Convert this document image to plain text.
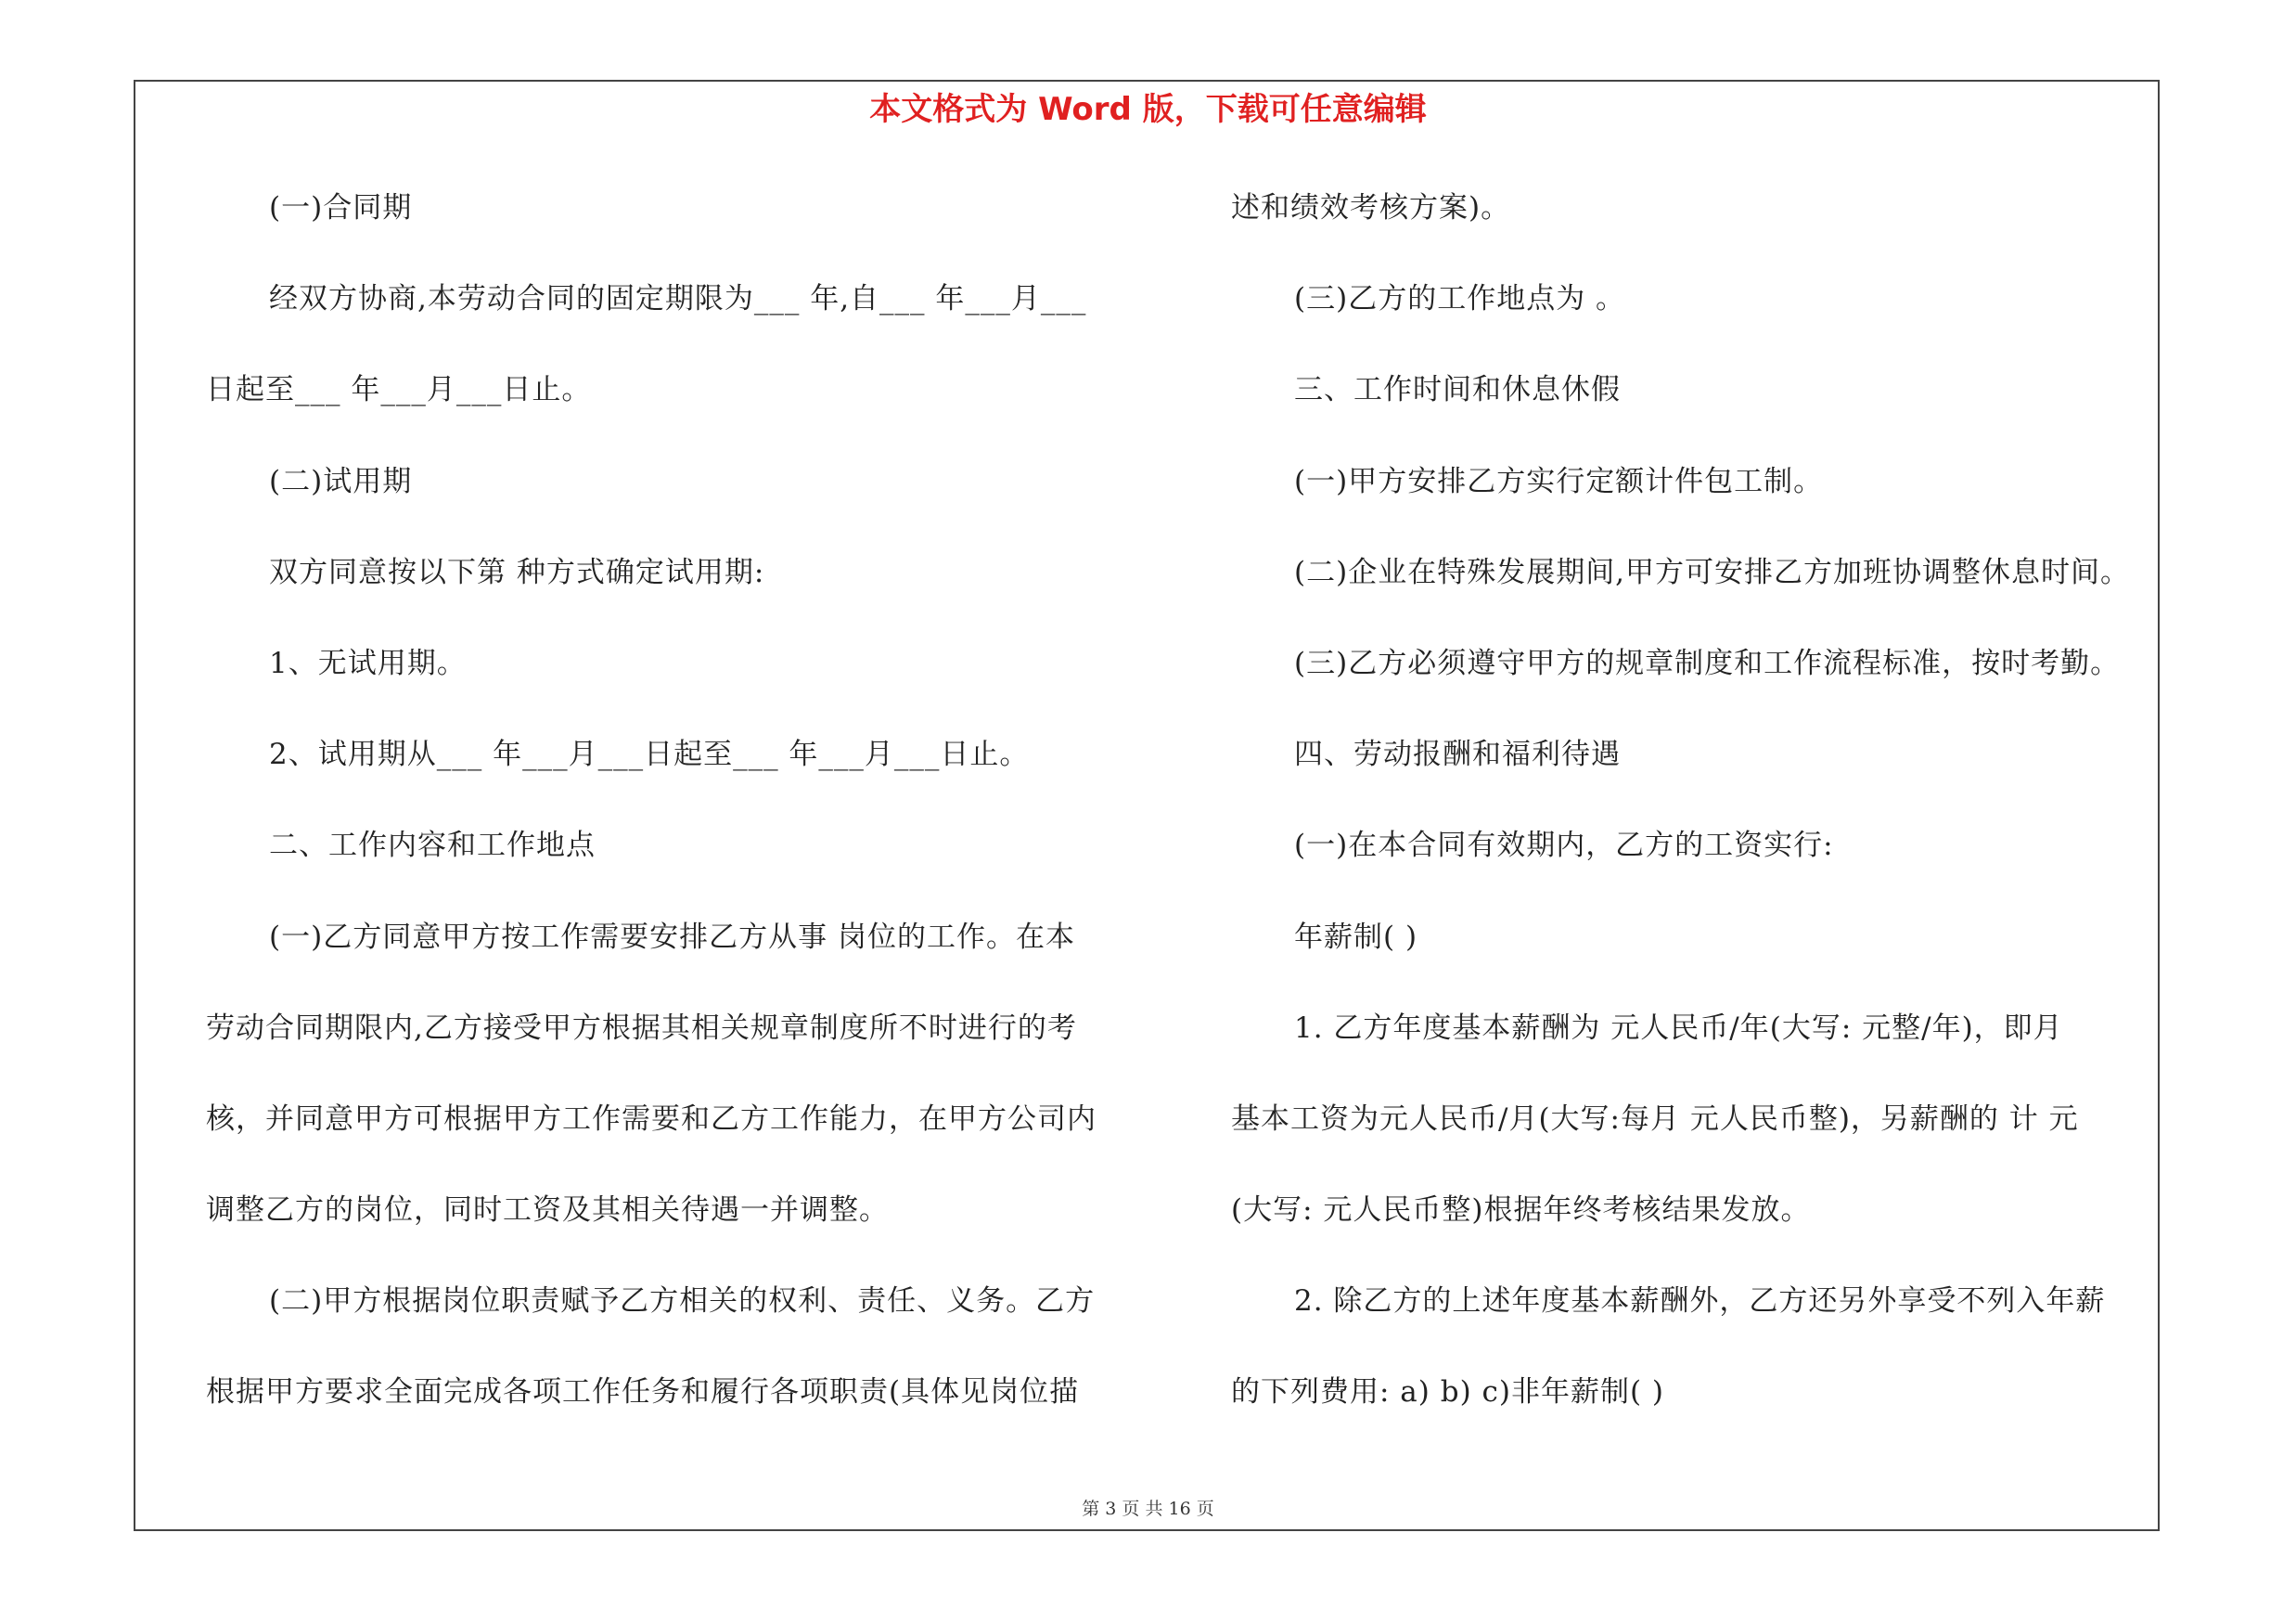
本文格式为 Word 版，下载可任意编辑
(一)合同期
经双方协商,本劳动合同的固定期限为___ 年,自___ 年___月___
日起至___ 年___月___日止。
(二)试用期
双方同意按以下第 种方式确定试用期:
1、无试用期。
2、试用期从___ 年___月___日起至___ 年___月___日止。
二、工作内容和工作地点
(一)乙方同意甲方按工作需要安排乙方从事 岗位的工作。在本
劳动合同期限内,乙方接受甲方根据其相关规章制度所不时进行的考
核，并同意甲方可根据甲方工作需要和乙方工作能力，在甲方公司内
调整乙方的岗位，同时工资及其相关待遇一并调整。
(二)甲方根据岗位职责赋予乙方相关的权利、责任、义务。乙方
根据甲方要求全面完成各项工作任务和履行各项职责(具体见岗位描
述和绩效考核方案)。
(三)乙方的工作地点为 。
三、工作时间和休息休假
(一)甲方安排乙方实行定额计件包工制。
(二)企业在特殊发展期间,甲方可安排乙方加班协调整休息时间。
(三)乙方必须遵守甲方的规章制度和工作流程标准，按时考勤。
四、劳动报酬和福利待遇
(一)在本合同有效期内，乙方的工资实行:
年薪制( )
1. 乙方年度基本薪酬为 元人民币/年(大写: 元整/年)，即月
基本工资为元人民币/月(大写:每月 元人民币整)，另薪酬的 计 元
(大写: 元人民币整)根据年终考核结果发放。
2. 除乙方的上述年度基本薪酬外，乙方还另外享受不列入年薪
的下列费用: a) b) c)非年薪制( )
第 3 页 共 16 页
